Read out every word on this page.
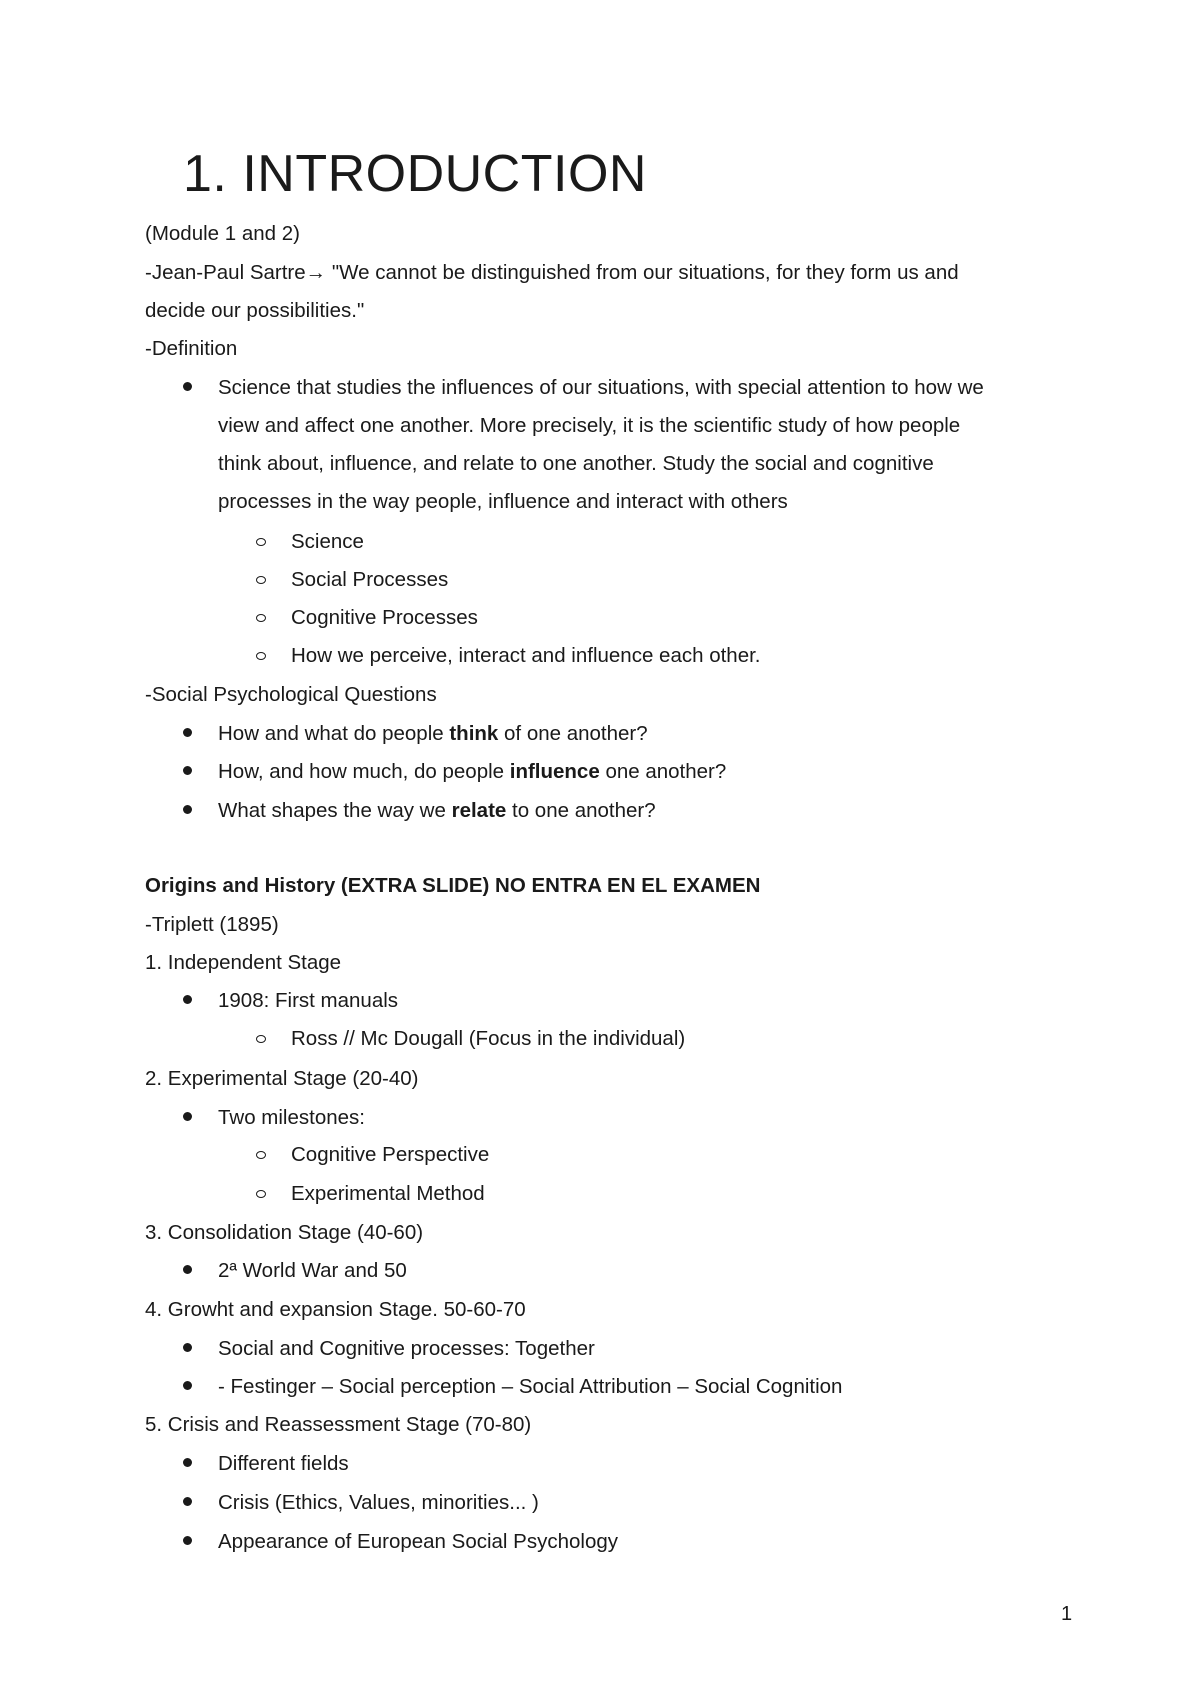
1. INTRODUCTION
(Module 1 and 2)
-Jean-Paul Sartre→ "We cannot be distinguished from our situations, for they form us and
decide our possibilities."
-Definition
Science that studies the influences of our situations, with special attention to how we
view and affect one another. More precisely, it is the scientific study of how people
think about, influence, and relate to one another. Study the social and cognitive
processes in the way people, influence and interact with others
Science
Social Processes
Cognitive Processes
How we perceive, interact and influence each other.
-Social Psychological Questions
How and what do people think of one another?
How, and how much, do people influence one another?
What shapes the way we relate to one another?
Origins and History (EXTRA SLIDE) NO ENTRA EN EL EXAMEN
-Triplett (1895)
1. Independent Stage
1908: First manuals
Ross // Mc Dougall (Focus in the individual)
2. Experimental Stage (20-40)
Two milestones:
Cognitive Perspective
Experimental Method
3. Consolidation Stage (40-60)
2ª World War and 50
4. Growht and expansion Stage. 50-60-70
Social and Cognitive processes: Together
- Festinger – Social perception – Social Attribution – Social Cognition
5. Crisis and Reassessment Stage (70-80)
Different fields
Crisis (Ethics, Values, minorities... )
Appearance of European Social Psychology
1
